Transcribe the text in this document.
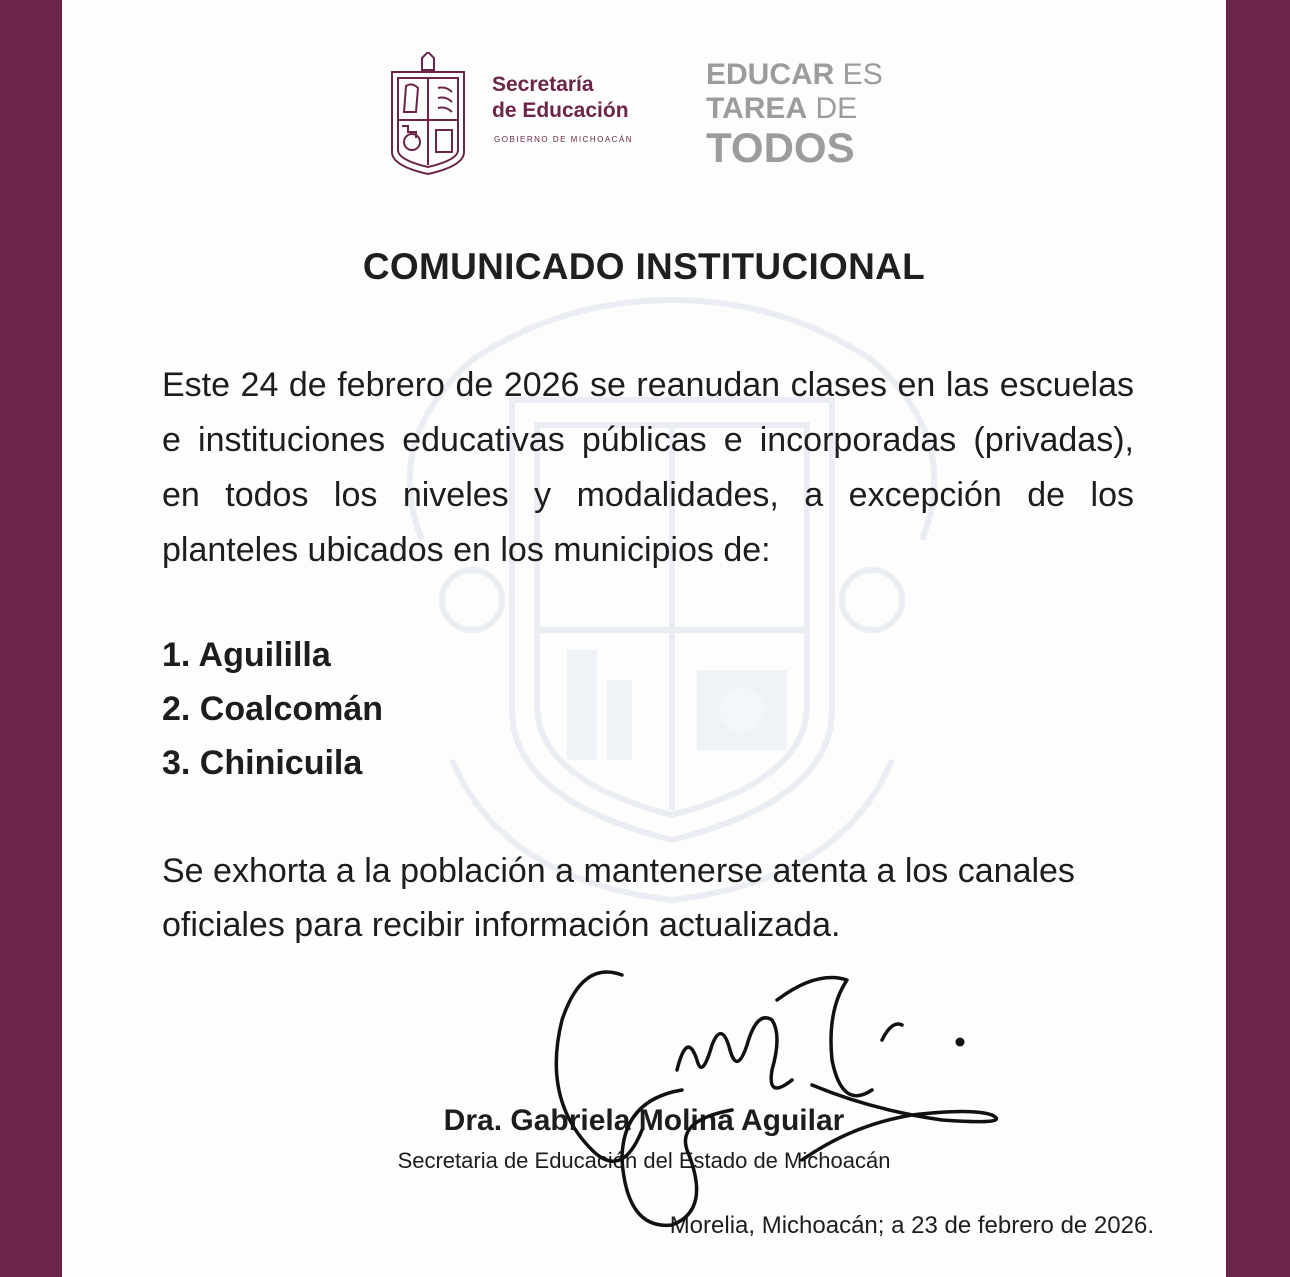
Secretaría
de Educación
GOBIERNO DE MICHOACÁN
EDUCAR ES
TAREA DE
TODOS
COMUNICADO INSTITUCIONAL
Este 24 de febrero de 2026 se reanudan clases en las escuelas e instituciones educativas públicas e incorporadas (privadas), en todos los niveles y modalidades, a excepción de los planteles ubicados en los municipios de:
1. Aguililla
2. Coalcomán
3. Chinicuila
Se exhorta a la población a mantenerse atenta a los canales oficiales para recibir información actualizada.
Dra. Gabriela Molina Aguilar
Secretaria de Educación del Estado de Michoacán
Morelia, Michoacán; a 23 de febrero de 2026.
